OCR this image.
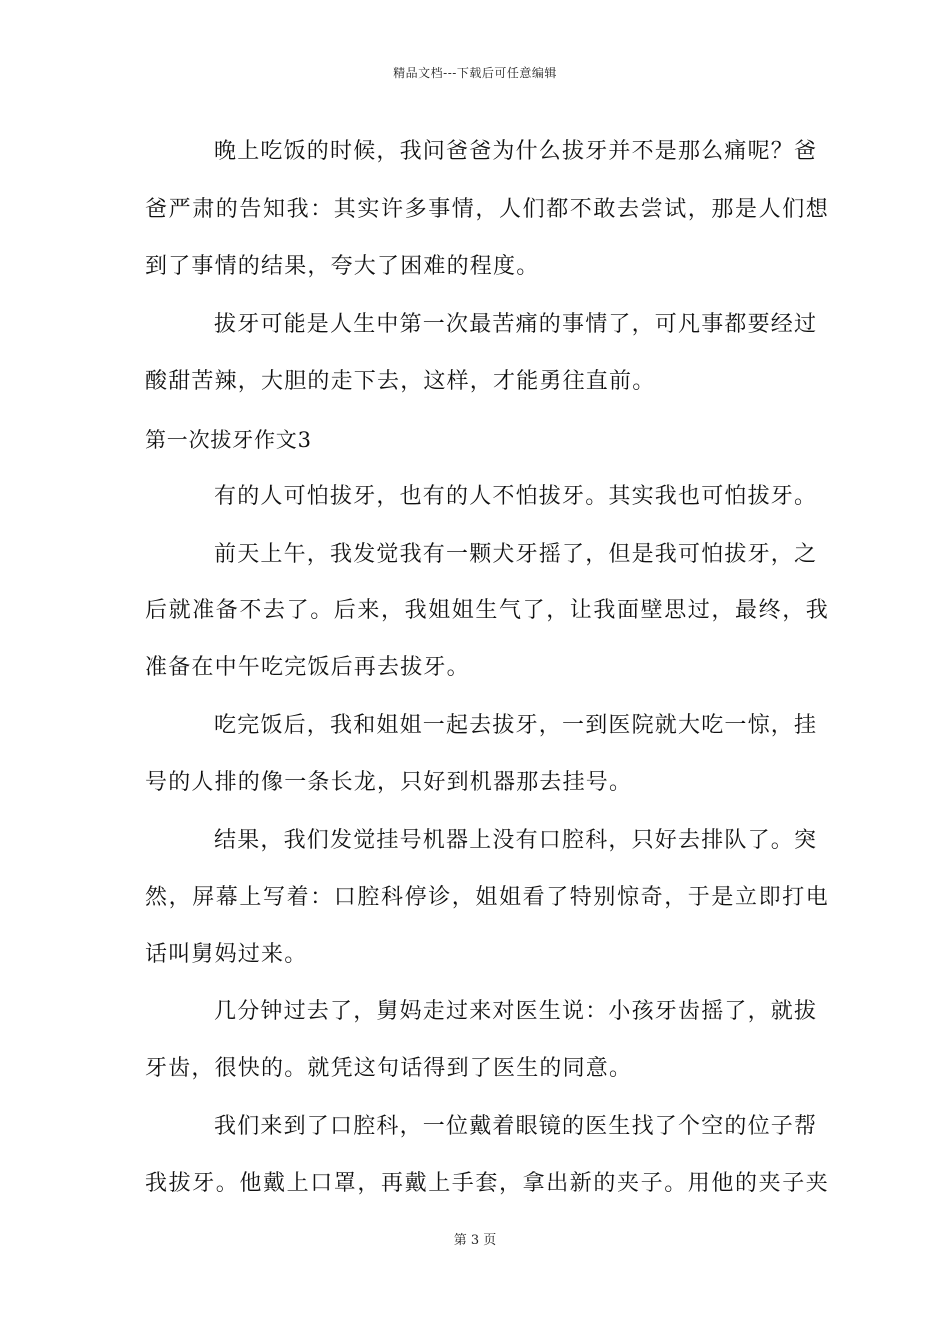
精品文档---下载后可任意编辑
晚上吃饭的时候，我问爸爸为什么拔牙并不是那么痛呢？爸
爸严肃的告知我：其实许多事情，人们都不敢去尝试，那是人们想
到了事情的结果，夸大了困难的程度。
拔牙可能是人生中第一次最苦痛的事情了，可凡事都要经过
酸甜苦辣，大胆的走下去，这样，才能勇往直前。
第一次拔牙作文3
有的人可怕拔牙，也有的人不怕拔牙。其实我也可怕拔牙。
前天上午，我发觉我有一颗犬牙摇了，但是我可怕拔牙，之
后就准备不去了。后来，我姐姐生气了，让我面壁思过，最终，我
准备在中午吃完饭后再去拔牙。
吃完饭后，我和姐姐一起去拔牙，一到医院就大吃一惊，挂
号的人排的像一条长龙，只好到机器那去挂号。
结果，我们发觉挂号机器上没有口腔科，只好去排队了。突
然，屏幕上写着：口腔科停诊，姐姐看了特别惊奇，于是立即打电
话叫舅妈过来。
几分钟过去了，舅妈走过来对医生说：小孩牙齿摇了，就拔
牙齿，很快的。就凭这句话得到了医生的同意。
我们来到了口腔科，一位戴着眼镜的医生找了个空的位子帮
我拔牙。他戴上口罩，再戴上手套，拿出新的夹子。用他的夹子夹
第 3 页
